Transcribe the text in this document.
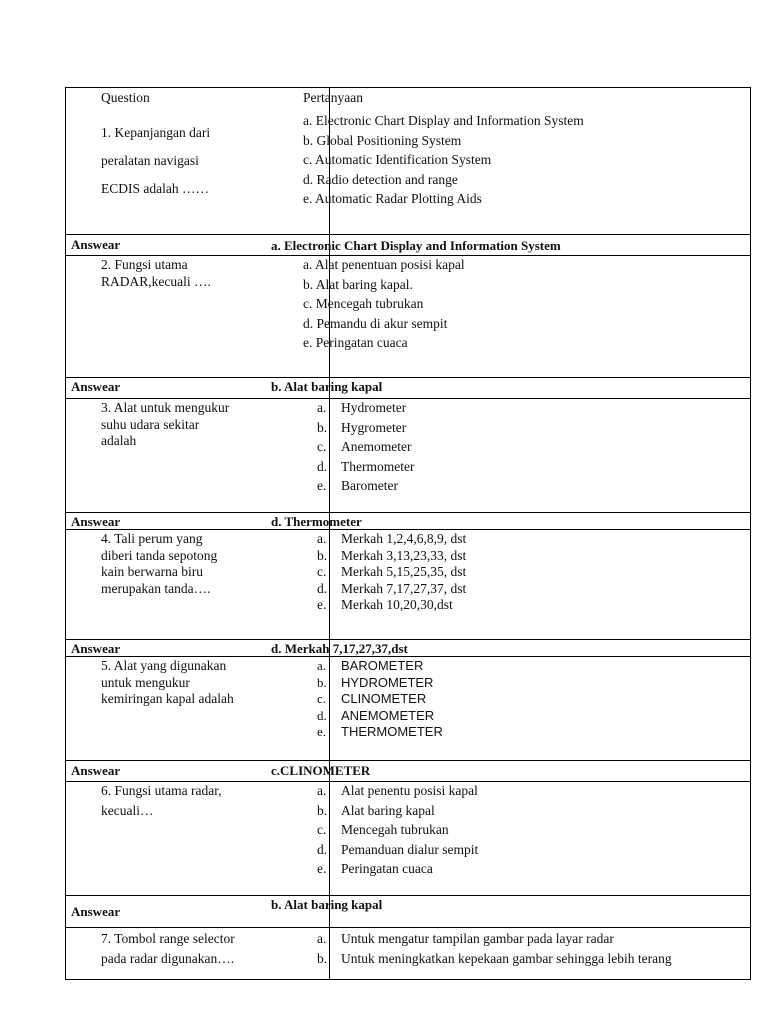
Question	Pertanyaan
1. Kepanjangan dari
peralatan navigasi
ECDIS adalah ……
a. Electronic Chart Display and Information System
b. Global Positioning System
c. Automatic Identification System
d. Radio detection and range
e. Automatic Radar Plotting Aids
Answear	a. Electronic Chart Display and Information System
2. Fungsi utama
RADAR,kecuali ….
a. Alat penentuan posisi kapal
b. Alat baring kapal.
c. Mencegah tubrukan
d. Pemandu di akur sempit
e. Peringatan cuaca
Answear	b. Alat baring kapal
3. Alat untuk mengukur
suhu udara sekitar
adalah
a. Hydrometer
b. Hygrometer
c. Anemometer
d. Thermometer
e. Barometer
Answear	d. Thermometer
4. Tali perum yang
diberi tanda sepotong
kain berwarna biru
merupakan tanda….
a. Merkah 1,2,4,6,8,9, dst
b. Merkah 3,13,23,33, dst
c. Merkah 5,15,25,35, dst
d. Merkah 7,17,27,37, dst
e. Merkah 10,20,30,dst
Answear	d. Merkah 7,17,27,37,dst
5. Alat yang digunakan
untuk mengukur
kemiringan kapal adalah
a. BAROMETER
b. HYDROMETER
c. CLINOMETER
d. ANEMOMETER
e. THERMOMETER
Answear	c.CLINOMETER
6. Fungsi utama radar,
kecuali…
a. Alat penentu posisi kapal
b. Alat baring kapal
c. Mencegah tubrukan
d. Pemanduan dialur sempit
e. Peringatan cuaca
Answear	b. Alat baring kapal
7. Tombol range selector
pada radar digunakan….
a. Untuk mengatur tampilan gambar pada layar radar
b. Untuk meningkatkan kepekaan gambar sehingga lebih terang
